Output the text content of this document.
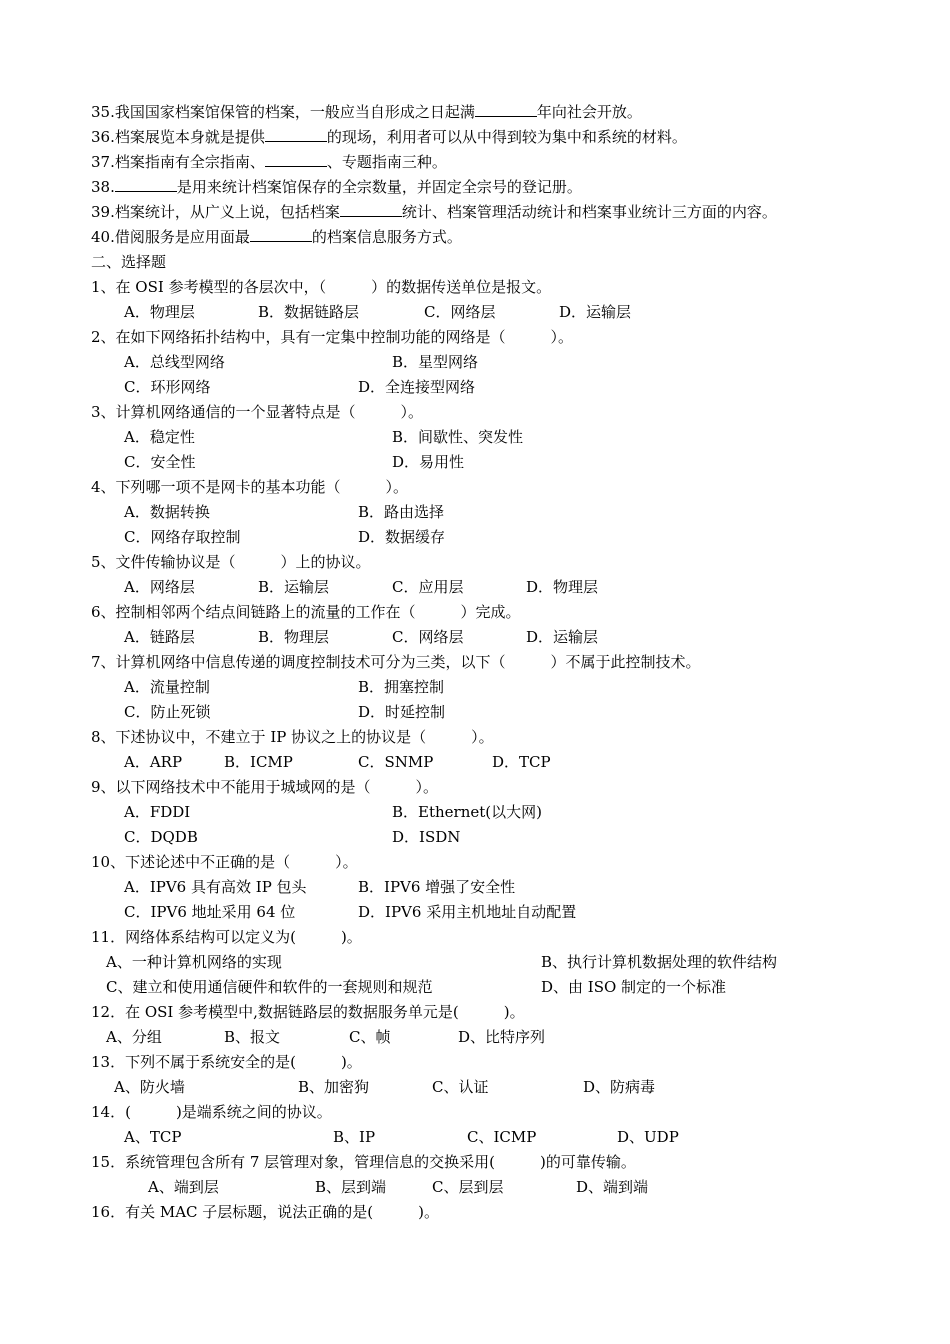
35.我国国家档案馆保管的档案，一般应当自形成之日起满	年向社会开放。
36.档案展览本身就是提供	的现场，利用者可以从中得到较为集中和系统的材料。
37.档案指南有全宗指南、	、专题指南三种。
38.	是用来统计档案馆保存的全宗数量，并固定全宗号的登记册。
39.档案统计，从广义上说，包括档案	统计、档案管理活动统计和档案事业统计三方面的内容。
40.借阅服务是应用面最	的档案信息服务方式。
二、选择题
1、在 OSI 参考模型的各层次中，（　　　）的数据传送单位是报文。
A．物理层	B．数据链路层	C．网络层	D．运输层
2、在如下网络拓扑结构中，具有一定集中控制功能的网络是（　　　）。
A．总线型网络	B．星型网络
C．环形网络	D．全连接型网络
3、计算机网络通信的一个显著特点是（　　　）。
A．稳定性	B．间歇性、突发性
C．安全性	D．易用性
4、下列哪一项不是网卡的基本功能（　　　）。
A．数据转换	B．路由选择
C．网络存取控制	D．数据缓存
5、文件传输协议是（　　　）上的协议。
A．网络层	B．运输层	C．应用层	D．物理层
6、控制相邻两个结点间链路上的流量的工作在（　　　）完成。
A．链路层	B．物理层	C．网络层	D．运输层
7、计算机网络中信息传递的调度控制技术可分为三类，以下（　　　）不属于此控制技术。
A．流量控制	B．拥塞控制
C．防止死锁	D．时延控制
8、下述协议中，不建立于 IP 协议之上的协议是（　　　）。
A．ARP	B．ICMP	C．SNMP	D．TCP
9、以下网络技术中不能用于城域网的是（　　　）。
A．FDDI	B．Ethernet(以大网)
C．DQDB	D．ISDN
10、下述论述中不正确的是（　　　）。
A．IPV6 具有高效 IP 包头	B．IPV6 增强了安全性
C．IPV6 地址采用 64 位	D．IPV6 采用主机地址自动配置
11．网络体系结构可以定义为(　　　)。
A、一种计算机网络的实现	B、执行计算机数据处理的软件结构
C、建立和使用通信硬件和软件的一套规则和规范	D、由 ISO 制定的一个标准
12．在 OSI 参考模型中,数据链路层的数据服务单元是(　　　)。
A、分组	B、报文	C、帧	D、比特序列
13．下列不属于系统安全的是(　　　)。
A、防火墙	B、加密狗	C、认证	D、防病毒
14．(　　　)是端系统之间的协议。
A、TCP	B、IP	C、ICMP	D、UDP
15．系统管理包含所有 7 层管理对象，管理信息的交换采用(　　　)的可靠传输。
A、端到层	B、层到端	C、层到层	D、端到端
16．有关 MAC 子层标题，说法正确的是(　　　)。
